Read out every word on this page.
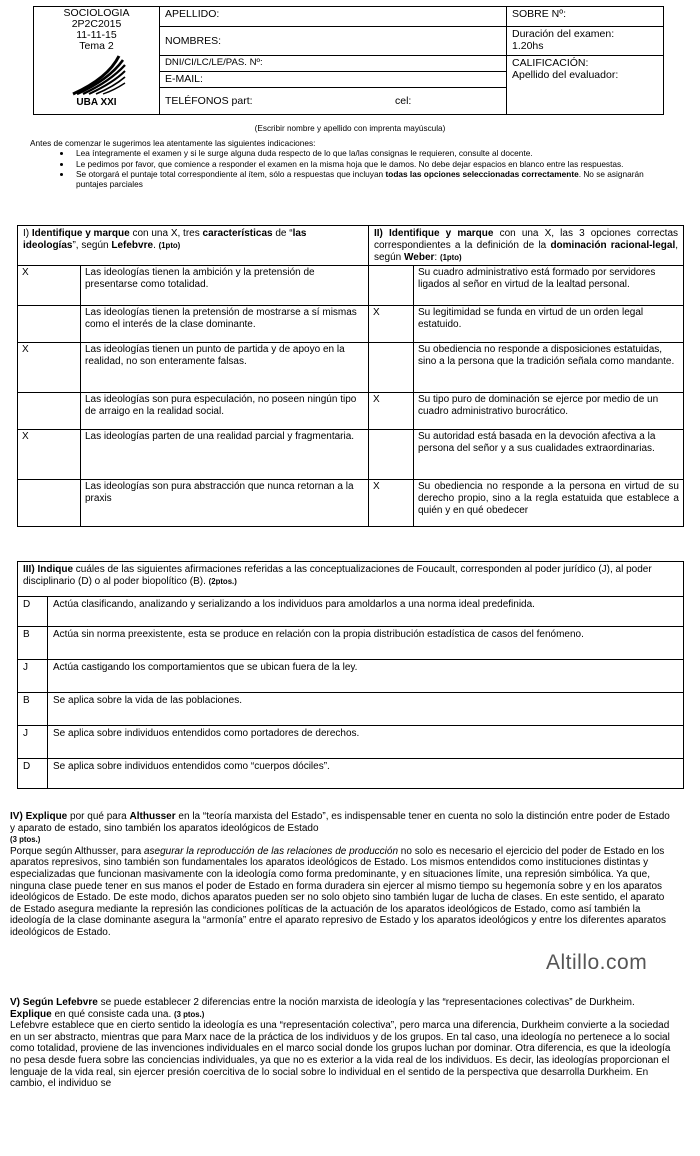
SOCIOLOGIA
2P2C2015
11-11-15
Tema 2
UBA XXI	APELLIDO:	SOBRE Nº:
	NOMBRES:	Duración del examen:
1.20hs

	DNI/CI/LC/LE/PAS. Nº:	CALIFICACIÓN:
Apellido del evaluador:

	E-MAIL:	
	TELÉFONOS part: cel:	
(Escribir nombre y apellido con imprenta mayúscula)
Antes de comenzar le sugerimos lea atentamente las siguientes indicaciones:
• Lea íntegramente el examen y si le surge alguna duda respecto de lo que la/las consignas le requieren, consulte al docente.
• Le pedimos por favor, que comience a responder el examen en la misma hoja que le damos. No debe dejar espacios en blanco entre las respuestas.
• Se otorgará el puntaje total correspondiente al ítem, sólo a respuestas que incluyan todas las opciones seleccionadas correctamente. No se asignarán puntajes parciales
I) Identifique y marque con una X, tres características de “las ideologías”, según Lefebvre. (1pto)		II) Identifique y marque con una X, las 3 opciones correctas correspondientes a la definición de la dominación racional-legal, según Weber: (1pto)	
X	Las ideologías tienen la ambición y la pretensión de presentarse como totalidad.		Su cuadro administrativo está formado por servidores ligados al señor en virtud de la lealtad personal.
	Las ideologías tienen la pretensión de mostrarse a sí mismas como el interés de la clase dominante.	X	Su legitimidad se funda en virtud de un orden legal estatuido.
X	Las ideologías tienen un punto de partida y de apoyo en la realidad, no son enteramente falsas.		Su obediencia no responde a disposiciones estatuidas, sino a la persona que la tradición señala como mandante.
	Las ideologías son pura especulación, no poseen ningún tipo de arraigo en la realidad social.	X	Su tipo puro de dominación se ejerce por medio de un cuadro administrativo burocrático.
X	Las ideologías parten de una realidad parcial y fragmentaria.		Su autoridad está basada en la devoción afectiva a la persona del señor y a sus cualidades extraordinarias.
	Las ideologías son pura abstracción que nunca retornan a la praxis	X	Su obediencia no responde a la persona en virtud de su derecho propio, sino a la regla estatuida que establece a quién y en qué obedecer
III) Indique cuáles de las siguientes afirmaciones referidas a las conceptualizaciones de Foucault, corresponden al poder jurídico (J), al poder disciplinario (D) o al poder biopolítico (B). (2ptos.)	
D	Actúa clasificando, analizando y serializando a los individuos para amoldarlos a una norma ideal predefinida.
B	Actúa sin norma preexistente, esta se produce en relación con la propia distribución estadística de casos del fenómeno.
J	Actúa castigando los comportamientos que se ubican fuera de la ley.
B	Se aplica sobre la vida de las poblaciones.
J	Se aplica sobre individuos entendidos como portadores de derechos.
D	Se aplica sobre individuos entendidos como “cuerpos dóciles”.

IV) Explique por qué para Althusser en la “teoría marxista del Estado”, es indispensable tener en cuenta no solo la distinción entre poder de Estado y aparato de estado, sino también los aparatos ideológicos de Estado
(3 ptos.)

Porque según Althusser, para asegurar la reproducción de las relaciones de producción no solo es necesario el ejercicio del poder de Estado en los aparatos represivos, sino también son fundamentales los aparatos ideológicos de Estado. Los mismos entendidos como instituciones distintas y especializadas que funcionan masivamente con la ideología como forma predominante, y en situaciones límite, una represión simbólica. Ya que, ninguna clase puede tener en sus manos el poder de Estado en forma duradera sin ejercer al mismo tiempo su hegemonía sobre y en los aparatos ideológicos de Estado. De este modo, dichos aparatos pueden ser no solo objeto sino también lugar de lucha de clases. En este sentido, el aparato de Estado asegura mediante la represión las condiciones políticas de la actuación de los aparatos ideológicos de Estado, como así también la ideología de la clase dominante asegura la “armonía” entre el aparato represivo de Estado y los aparatos ideológicos y entre los diferentes aparatos ideológicos de Estado.

Altillo.com

V) Según Lefebvre se puede establecer 2 diferencias entre la noción marxista de ideología y las “representaciones colectivas” de Durkheim. Explique en qué consiste cada una. (3 ptos.)

Lefebvre establece que en cierto sentido la ideología es una “representación colectiva”, pero marca una diferencia, Durkheim convierte a la sociedad en un ser abstracto, mientras que para Marx nace de la práctica de los individuos y de los grupos. En tal caso, una ideología no pertenece a lo social como totalidad, proviene de las invenciones individuales en el marco social donde los grupos luchan por dominar. Otra diferencia, es que la ideología no pesa desde fuera sobre las conciencias individuales, ya que no es exterior a la vida real de los individuos. Es decir, las ideologías proporcionan el lenguaje de la vida real, sin ejercer presión coercitiva de lo social sobre lo individual en el sentido de la perspectiva que desarrolla Durkheim. En cambio, el individuo se
